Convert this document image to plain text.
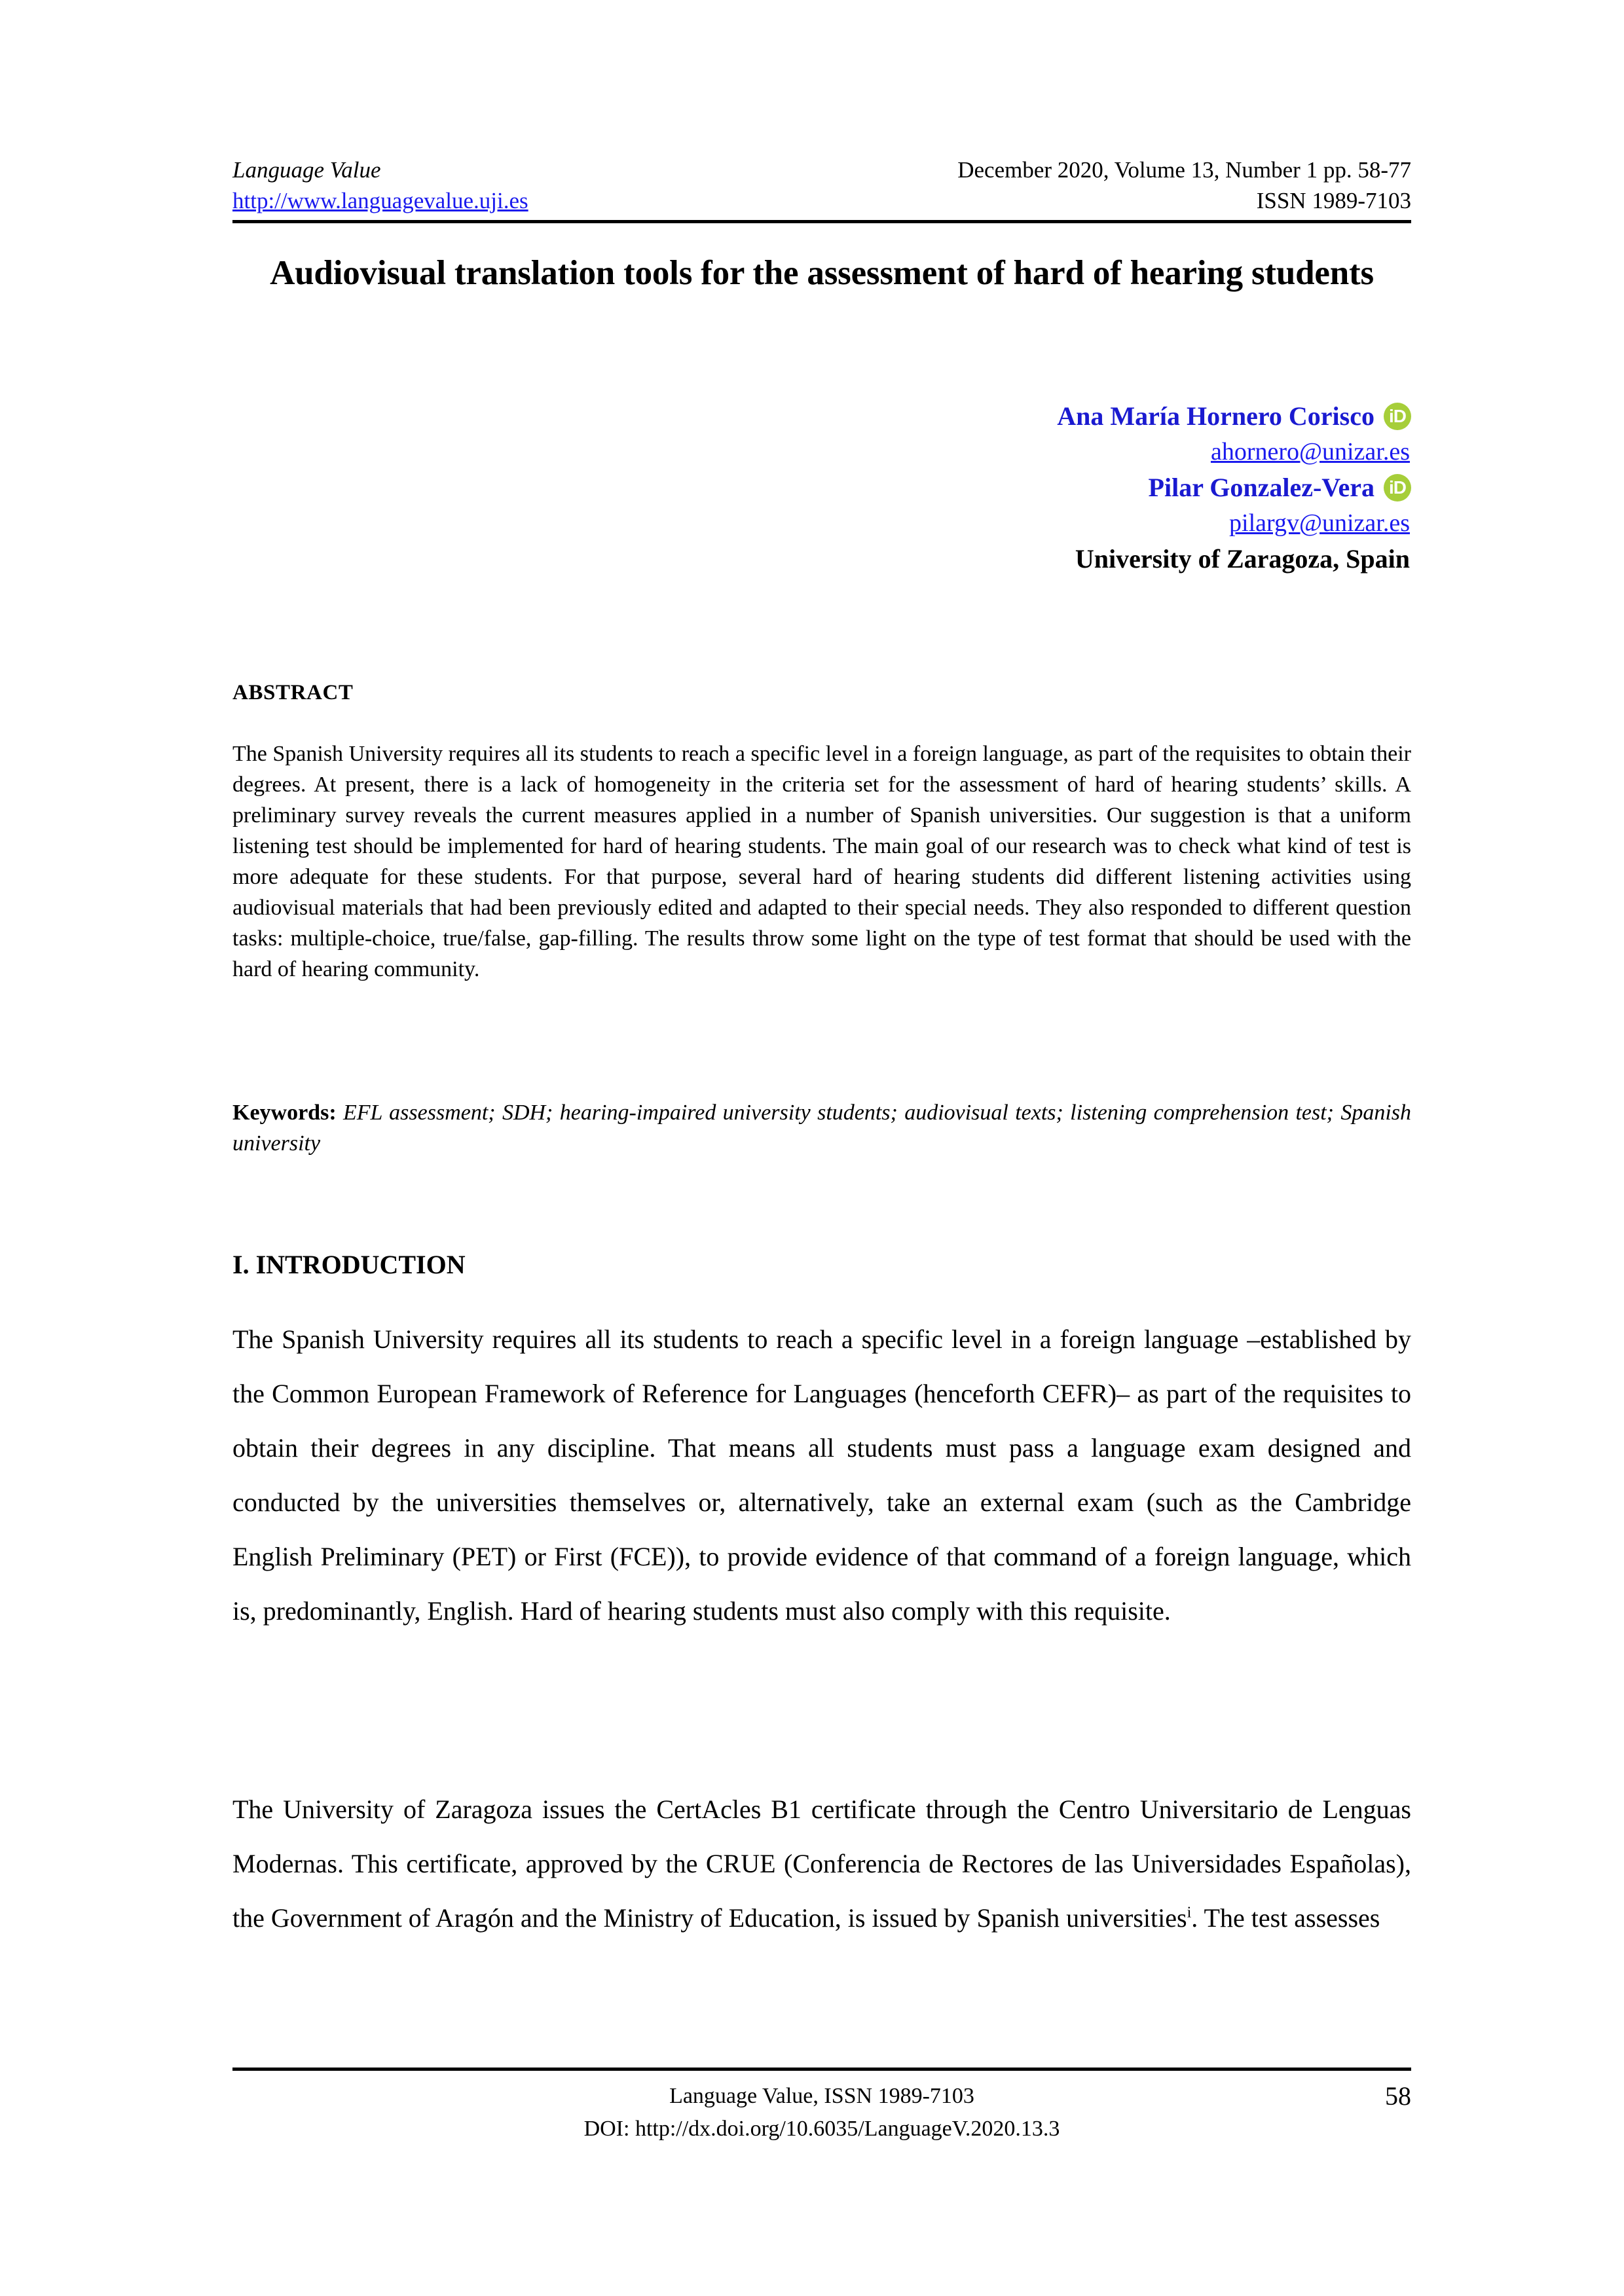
Language Value	December 2020, Volume 13, Number 1 pp. 58-77
http://www.languagevalue.uji.es	ISSN 1989-7103
Audiovisual translation tools for the assessment of hard of hearing students
Ana María Hornero Corisco iD
ahornero@unizar.es
Pilar Gonzalez-Vera iD
pilargv@unizar.es
University of Zaragoza, Spain
ABSTRACT
The Spanish University requires all its students to reach a specific level in a foreign language, as part of the requisites to obtain their degrees. At present, there is a lack of homogeneity in the criteria set for the assessment of hard of hearing students’ skills. A preliminary survey reveals the current measures applied in a number of Spanish universities. Our suggestion is that a uniform listening test should be implemented for hard of hearing students. The main goal of our research was to check what kind of test is more adequate for these students. For that purpose, several hard of hearing students did different listening activities using audiovisual materials that had been previously edited and adapted to their special needs. They also responded to different question tasks: multiple-choice, true/false, gap-filling. The results throw some light on the type of test format that should be used with the hard of hearing community.
Keywords: EFL assessment; SDH; hearing-impaired university students; audiovisual texts; listening comprehension test; Spanish university
I. INTRODUCTION
The Spanish University requires all its students to reach a specific level in a foreign language –established by the Common European Framework of Reference for Languages (henceforth CEFR)– as part of the requisites to obtain their degrees in any discipline. That means all students must pass a language exam designed and conducted by the universities themselves or, alternatively, take an external exam (such as the Cambridge English Preliminary (PET) or First (FCE)), to provide evidence of that command of a foreign language, which is, predominantly, English. Hard of hearing students must also comply with this requisite.
The University of Zaragoza issues the CertAcles B1 certificate through the Centro Universitario de Lenguas Modernas. This certificate, approved by the CRUE (Conferencia de Rectores de las Universidades Españolas), the Government of Aragón and the Ministry of Education, is issued by Spanish universities$^i$. The test assesses
Language Value, ISSN 1989-7103
DOI: http://dx.doi.org/10.6035/LanguageV.2020.13.3
58
